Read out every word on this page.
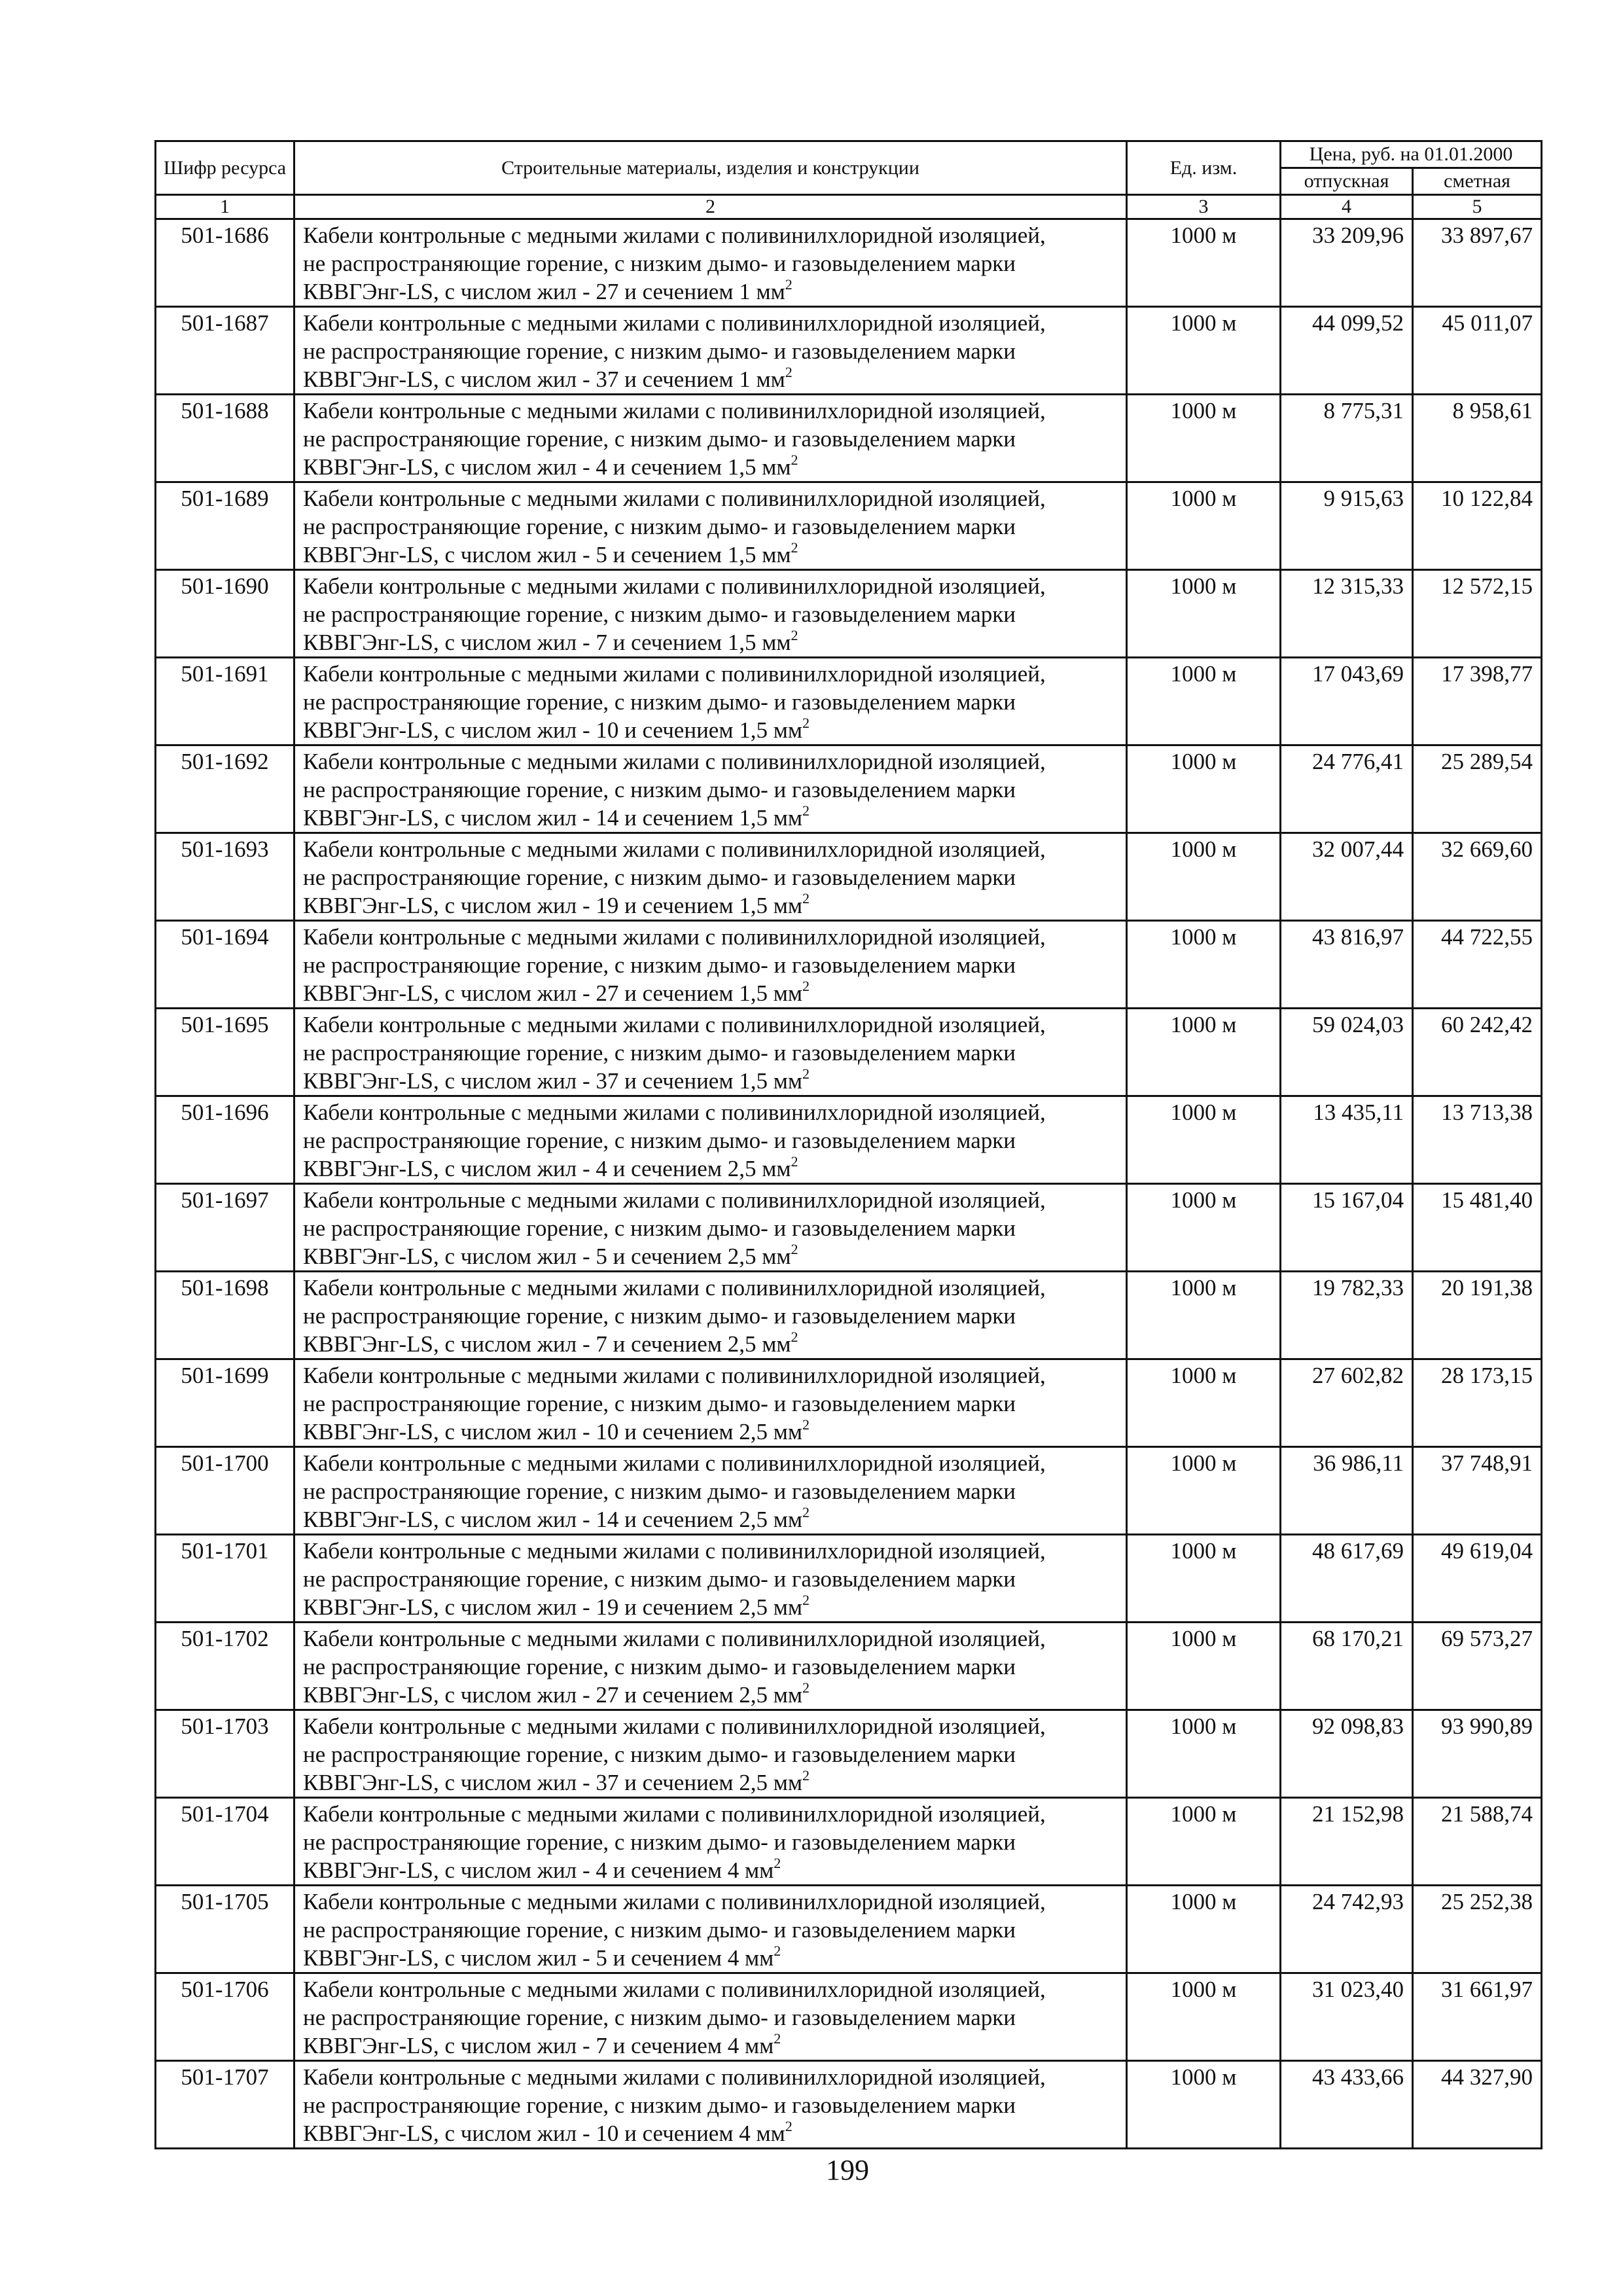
Шифр ресурса	Строительные материалы, изделия и конструкции	Ед. изм.	Цена, руб. на 01.01.2000	
			отпускная	сметная
1	2	3	4	5
501-1686	Кабели контрольные с медными жилами с поливинилхлоридной изоляцией,
не распространяющие горение, с низким дымо- и газовыделением марки
КВВГЭнг-LS, с числом жил - 27 и сечением 1 $мм^2$	1000 м	33 209,96	33 897,67
501-1687	Кабели контрольные с медными жилами с поливинилхлоридной изоляцией,
не распространяющие горение, с низким дымо- и газовыделением марки
КВВГЭнг-LS, с числом жил - 37 и сечением 1 $мм^2$	1000 м	44 099,52	45 011,07
501-1688	Кабели контрольные с медными жилами с поливинилхлоридной изоляцией,
не распространяющие горение, с низким дымо- и газовыделением марки
КВВГЭнг-LS, с числом жил - 4 и сечением 1,5 $мм^2$	1000 м	8 775,31	8 958,61
501-1689	Кабели контрольные с медными жилами с поливинилхлоридной изоляцией,
не распространяющие горение, с низким дымо- и газовыделением марки
КВВГЭнг-LS, с числом жил - 5 и сечением 1,5 $мм^2$	1000 м	9 915,63	10 122,84
501-1690	Кабели контрольные с медными жилами с поливинилхлоридной изоляцией,
не распространяющие горение, с низким дымо- и газовыделением марки
КВВГЭнг-LS, с числом жил - 7 и сечением 1,5 $мм^2$	1000 м	12 315,33	12 572,15
501-1691	Кабели контрольные с медными жилами с поливинилхлоридной изоляцией,
не распространяющие горение, с низким дымо- и газовыделением марки
КВВГЭнг-LS, с числом жил - 10 и сечением 1,5 $мм^2$	1000 м	17 043,69	17 398,77
501-1692	Кабели контрольные с медными жилами с поливинилхлоридной изоляцией,
не распространяющие горение, с низким дымо- и газовыделением марки
КВВГЭнг-LS, с числом жил - 14 и сечением 1,5 $мм^2$	1000 м	24 776,41	25 289,54
501-1693	Кабели контрольные с медными жилами с поливинилхлоридной изоляцией,
не распространяющие горение, с низким дымо- и газовыделением марки
КВВГЭнг-LS, с числом жил - 19 и сечением 1,5 $мм^2$	1000 м	32 007,44	32 669,60
501-1694	Кабели контрольные с медными жилами с поливинилхлоридной изоляцией,
не распространяющие горение, с низким дымо- и газовыделением марки
КВВГЭнг-LS, с числом жил - 27 и сечением 1,5 $мм^2$	1000 м	43 816,97	44 722,55
501-1695	Кабели контрольные с медными жилами с поливинилхлоридной изоляцией,
не распространяющие горение, с низким дымо- и газовыделением марки
КВВГЭнг-LS, с числом жил - 37 и сечением 1,5 $мм^2$	1000 м	59 024,03	60 242,42
501-1696	Кабели контрольные с медными жилами с поливинилхлоридной изоляцией,
не распространяющие горение, с низким дымо- и газовыделением марки
КВВГЭнг-LS, с числом жил - 4 и сечением 2,5 $мм^2$	1000 м	13 435,11	13 713,38
501-1697	Кабели контрольные с медными жилами с поливинилхлоридной изоляцией,
не распространяющие горение, с низким дымо- и газовыделением марки
КВВГЭнг-LS, с числом жил - 5 и сечением 2,5 $мм^2$	1000 м	15 167,04	15 481,40
501-1698	Кабели контрольные с медными жилами с поливинилхлоридной изоляцией,
не распространяющие горение, с низким дымо- и газовыделением марки
КВВГЭнг-LS, с числом жил - 7 и сечением 2,5 $мм^2$	1000 м	19 782,33	20 191,38
501-1699	Кабели контрольные с медными жилами с поливинилхлоридной изоляцией,
не распространяющие горение, с низким дымо- и газовыделением марки
КВВГЭнг-LS, с числом жил - 10 и сечением 2,5 $мм^2$	1000 м	27 602,82	28 173,15
501-1700	Кабели контрольные с медными жилами с поливинилхлоридной изоляцией,
не распространяющие горение, с низким дымо- и газовыделением марки
КВВГЭнг-LS, с числом жил - 14 и сечением 2,5 $мм^2$	1000 м	36 986,11	37 748,91
501-1701	Кабели контрольные с медными жилами с поливинилхлоридной изоляцией,
не распространяющие горение, с низким дымо- и газовыделением марки
КВВГЭнг-LS, с числом жил - 19 и сечением 2,5 $мм^2$	1000 м	48 617,69	49 619,04
501-1702	Кабели контрольные с медными жилами с поливинилхлоридной изоляцией,
не распространяющие горение, с низким дымо- и газовыделением марки
КВВГЭнг-LS, с числом жил - 27 и сечением 2,5 $мм^2$	1000 м	68 170,21	69 573,27
501-1703	Кабели контрольные с медными жилами с поливинилхлоридной изоляцией,
не распространяющие горение, с низким дымо- и газовыделением марки
КВВГЭнг-LS, с числом жил - 37 и сечением 2,5 $мм^2$	1000 м	92 098,83	93 990,89
501-1704	Кабели контрольные с медными жилами с поливинилхлоридной изоляцией,
не распространяющие горение, с низким дымо- и газовыделением марки
КВВГЭнг-LS, с числом жил - 4 и сечением 4 $мм^2$	1000 м	21 152,98	21 588,74
501-1705	Кабели контрольные с медными жилами с поливинилхлоридной изоляцией,
не распространяющие горение, с низким дымо- и газовыделением марки
КВВГЭнг-LS, с числом жил - 5 и сечением 4 $мм^2$	1000 м	24 742,93	25 252,38
501-1706	Кабели контрольные с медными жилами с поливинилхлоридной изоляцией,
не распространяющие горение, с низким дымо- и газовыделением марки
КВВГЭнг-LS, с числом жил - 7 и сечением 4 $мм^2$	1000 м	31 023,40	31 661,97
501-1707	Кабели контрольные с медными жилами с поливинилхлоридной изоляцией,
не распространяющие горение, с низким дымо- и газовыделением марки
КВВГЭнг-LS, с числом жил - 10 и сечением 4 $мм^2$	1000 м	43 433,66	44 327,90
199
